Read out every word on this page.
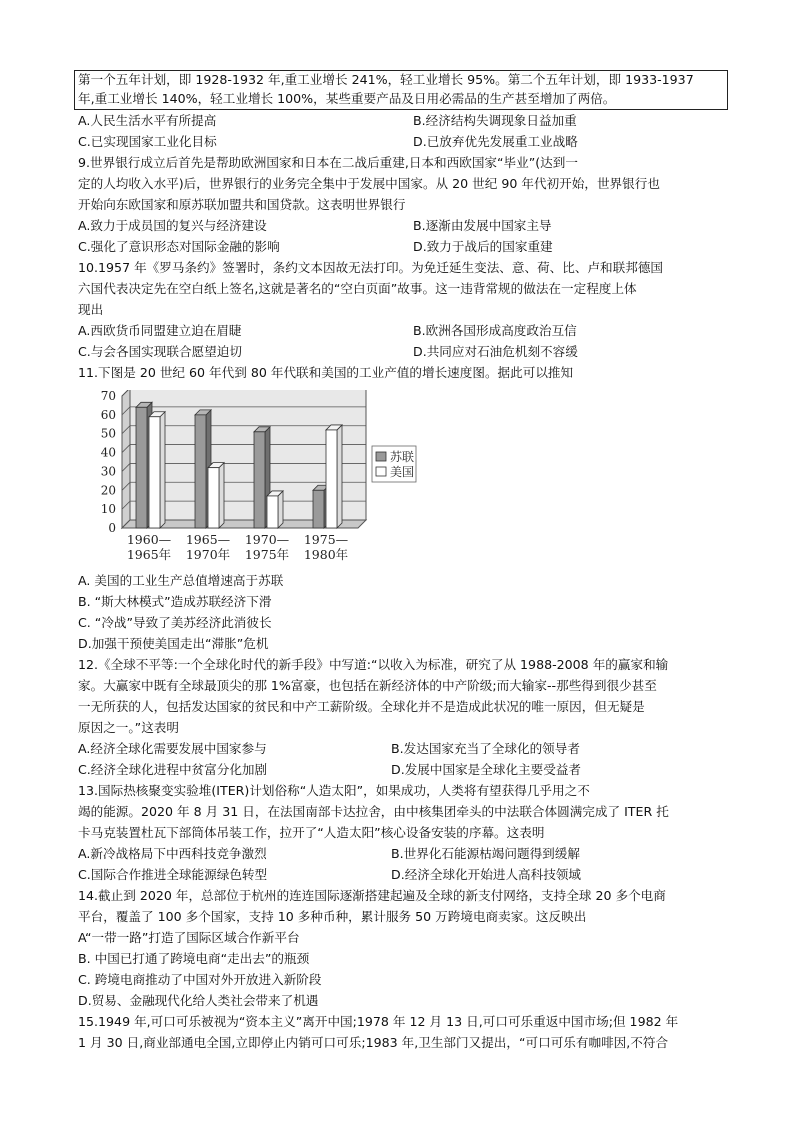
第一个五年计划，即 1928-1932 年,重工业增长 241%，轻工业增长 95%。第二个五年计划，即 1933-1937
年,重工业增长 140%，轻工业增长 100%，某些重要产品及日用必需品的生产甚至增加了两倍。
A.人民生活水平有所提高	B.经济结构失调现象日益加重
C.已实现国家工业化目标	D.已放弃优先发展重工业战略
9.世界银行成立后首先是帮助欧洲国家和日本在二战后重建,日本和西欧国家“毕业”(达到一
定的人均收入水平)后，世界银行的业务完全集中于发展中国家。从 20 世纪 90 年代初开始，世界银行也
开始向东欧国家和原苏联加盟共和国贷款。这表明世界银行
A.致力于成员国的复兴与经济建设	B.逐渐由发展中国家主导
C.强化了意识形态对国际金融的影响	D.致力于战后的国家重建
10.1957 年《罗马条约》签署时，条约文本因故无法打印。为免迁延生变法、意、荷、比、卢和联邦德国
六国代表决定先在空白纸上签名,这就是著名的“空白页面”故事。这一违背常规的做法在一定程度上体
现出
A.西欧货币同盟建立迫在眉睫	B.欧洲各国形成高度政治互信
C.与会各国实现联合愿望迫切	D.共同应对石油危机刻不容缓
11.下图是 20 世纪 60 年代到 80 年代联和美国的工业产值的增长速度图。据此可以推知
0
10
20
30
40
50
60
70
1960—
1965年
1965—
1970年
1970—
1975年
1975—
1980年
苏联
美国
A. 美国的工业生产总值增速高于苏联
B. “斯大林模式”造成苏联经济下滑
C. “冷战”导致了美苏经济此消彼长
D.加强干预使美国走出“滞胀”危机
12.《全球不平等:一个全球化时代的新手段》中写道:“以收入为标准，研究了从 1988-2008 年的赢家和输
家。大赢家中既有全球最顶尖的那 1%富豪，也包括在新经济体的中产阶级;而大输家--那些得到很少甚至
一无所获的人，包括发达国家的贫民和中产工薪阶级。全球化并不是造成此状况的唯一原因，但无疑是
原因之一。”这表明
A.经济全球化需要发展中国家参与	B.发达国家充当了全球化的领导者
C.经济全球化进程中贫富分化加剧	D.发展中国家是全球化主要受益者
13.国际热核聚变实验堆(ITER)计划俗称“人造太阳”，如果成功，人类将有望获得几乎用之不
竭的能源。2020 年 8 月 31 日，在法国南部卡达拉舍，由中核集团牵头的中法联合体圆满完成了 ITER 托
卡马克装置杜瓦下部筒体吊装工作，拉开了“人造太阳”核心设备安装的序幕。这表明
A.新冷战格局下中西科技竞争激烈	B.世界化石能源枯竭问题得到缓解
C.国际合作推进全球能源绿色转型	D.经济全球化开始进人高科技领域
14.截止到 2020 年，总部位于杭州的连连国际逐渐搭建起遍及全球的新支付网络，支持全球 20 多个电商
平台，覆盖了 100 多个国家，支持 10 多种币种，累计服务 50 万跨境电商卖家。这反映出
A“一带一路”打造了国际区域合作新平台
B. 中国已打通了跨境电商“走出去”的瓶颈
C. 跨境电商推动了中国对外开放进入新阶段
D.贸易、金融现代化给人类社会带来了机遇
15.1949 年,可口可乐被视为“资本主义”离开中国;1978 年 12 月 13 日,可口可乐重返中国市场;但 1982 年
1 月 30 日,商业部通电全国,立即停止内销可口可乐;1983 年,卫生部门又提出，“可口可乐有咖啡因,不符合
